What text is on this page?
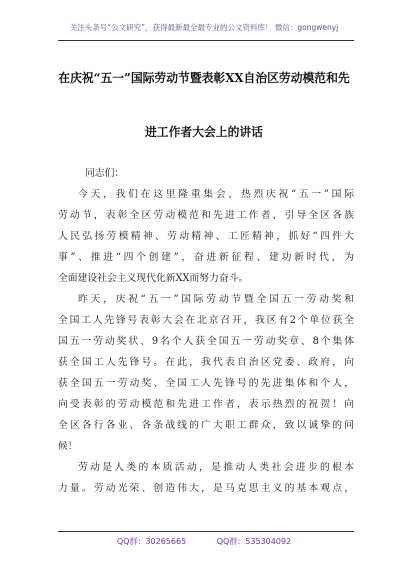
关注头条号“公文研究”，获得最新最全最专业的公文资料库！ 微信：gongwenyj
在庆祝“五一”国际劳动节暨表彰XX自治区劳动模范和先
进工作者大会上的讲话
同志们：

今天，我们在这里隆重集会，热烈庆祝“五一”国际
劳动节，表彰全区劳动模范和先进工作者，引导全区各族
人民弘扬劳模精神、劳动精神、工匠精神，抓好“四件大
事”、推进“四个创建”，奋进新征程、建功新时代，为
全面建设社会主义现代化新XX而努力奋斗。

昨天，庆祝“五一”国际劳动节暨全国五一劳动奖和
全国工人先锋号表彰大会在北京召开，我区有2个单位获全
国五一劳动奖状、9名个人获全国五一劳动奖章、8个集体
获全国工人先锋号。在此，我代表自治区党委、政府，向
获全国五一劳动奖、全国工人先锋号的先进集体和个人，
向受表彰的劳动模范和先进工作者，表示热烈的祝贺！向
全区各行各业、各条战线的广大职工群众，致以诚挚的问
候！

劳动是人类的本质活动，是推动人类社会进步的根本
力量。劳动光荣、创造伟大，是马克思主义的基本观点，

QQ群：30265665	QQ群：535304092
